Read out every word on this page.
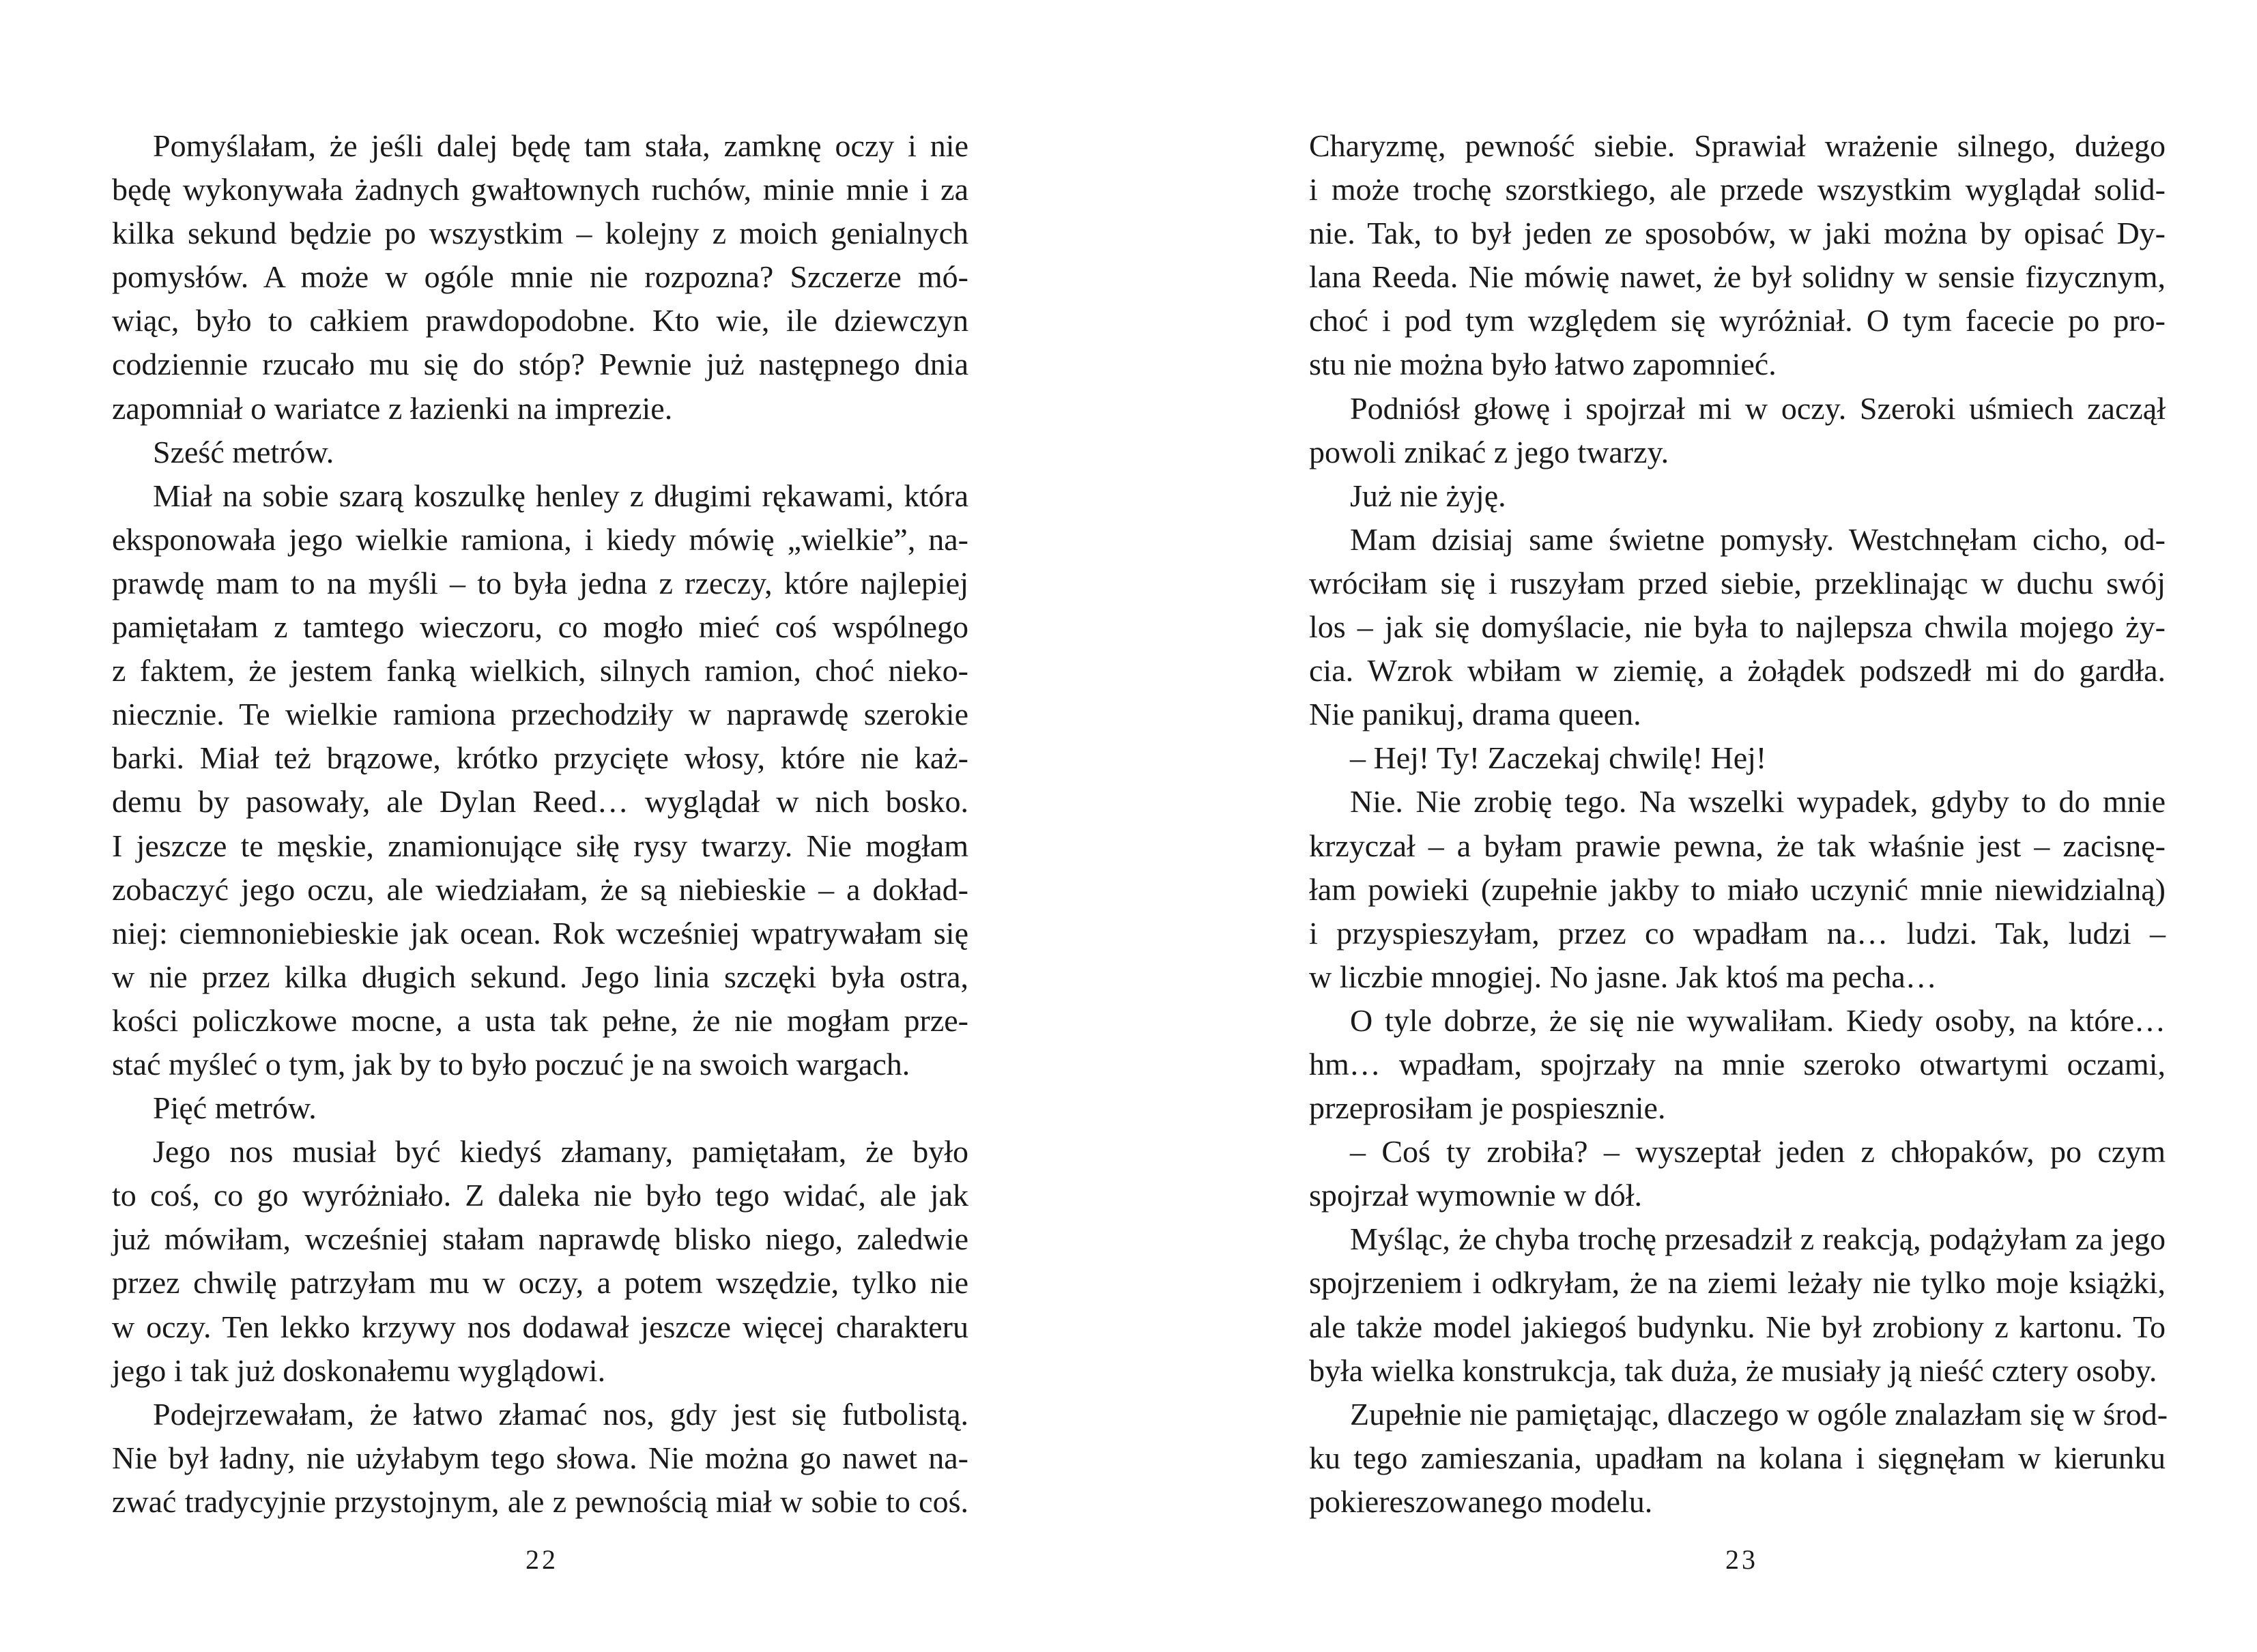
Pomyślałam, że jeśli dalej będę tam stała, zamknę oczy i nie
będę wykonywała żadnych gwałtownych ruchów, minie mnie i za
kilka sekund będzie po wszystkim – kolejny z moich genialnych
pomysłów. A może w ogóle mnie nie rozpozna? Szczerze mó-
wiąc, było to całkiem prawdopodobne. Kto wie, ile dziewczyn
codziennie rzucało mu się do stóp? Pewnie już następnego dnia
zapomniał o wariatce z łazienki na imprezie.
Sześć metrów.
Miał na sobie szarą koszulkę henley z długimi rękawami, która
eksponowała jego wielkie ramiona, i kiedy mówię „wielkie”, na-
prawdę mam to na myśli – to była jedna z rzeczy, które najlepiej
pamiętałam z tamtego wieczoru, co mogło mieć coś wspólnego
z faktem, że jestem fanką wielkich, silnych ramion, choć nieko-
niecznie. Te wielkie ramiona przechodziły w naprawdę szerokie
barki. Miał też brązowe, krótko przycięte włosy, które nie każ-
demu by pasowały, ale Dylan Reed… wyglądał w nich bosko.
I jeszcze te męskie, znamionujące siłę rysy twarzy. Nie mogłam
zobaczyć jego oczu, ale wiedziałam, że są niebieskie – a dokład-
niej: ciemnoniebieskie jak ocean. Rok wcześniej wpatrywałam się
w nie przez kilka długich sekund. Jego linia szczęki była ostra,
kości policzkowe mocne, a usta tak pełne, że nie mogłam prze-
stać myśleć o tym, jak by to było poczuć je na swoich wargach.
Pięć metrów.
Jego nos musiał być kiedyś złamany, pamiętałam, że było
to coś, co go wyróżniało. Z daleka nie było tego widać, ale jak
już mówiłam, wcześniej stałam naprawdę blisko niego, zaledwie
przez chwilę patrzyłam mu w oczy, a potem wszędzie, tylko nie
w oczy. Ten lekko krzywy nos dodawał jeszcze więcej charakteru
jego i tak już doskonałemu wyglądowi.
Podejrzewałam, że łatwo złamać nos, gdy jest się futbolistą.
Nie był ładny, nie użyłabym tego słowa. Nie można go nawet na-
zwać tradycyjnie przystojnym, ale z pewnością miał w sobie to coś.
22
Charyzmę, pewność siebie. Sprawiał wrażenie silnego, dużego
i może trochę szorstkiego, ale przede wszystkim wyglądał solid-
nie. Tak, to był jeden ze sposobów, w jaki można by opisać Dy-
lana Reeda. Nie mówię nawet, że był solidny w sensie fizycznym,
choć i pod tym względem się wyróżniał. O tym facecie po pro-
stu nie można było łatwo zapomnieć.
Podniósł głowę i spojrzał mi w oczy. Szeroki uśmiech zaczął
powoli znikać z jego twarzy.
Już nie żyję.
Mam dzisiaj same świetne pomysły. Westchnęłam cicho, od-
wróciłam się i ruszyłam przed siebie, przeklinając w duchu swój
los – jak się domyślacie, nie była to najlepsza chwila mojego ży-
cia. Wzrok wbiłam w ziemię, a żołądek podszedł mi do gardła.
Nie panikuj, drama queen.
– Hej! Ty! Zaczekaj chwilę! Hej!
Nie. Nie zrobię tego. Na wszelki wypadek, gdyby to do mnie
krzyczał – a byłam prawie pewna, że tak właśnie jest – zacisnę-
łam powieki (zupełnie jakby to miało uczynić mnie niewidzialną)
i przyspieszyłam, przez co wpadłam na… ludzi. Tak, ludzi –
w liczbie mnogiej. No jasne. Jak ktoś ma pecha…
O tyle dobrze, że się nie wywaliłam. Kiedy osoby, na które…
hm… wpadłam, spojrzały na mnie szeroko otwartymi oczami,
przeprosiłam je pospiesznie.
– Coś ty zrobiła? – wyszeptał jeden z chłopaków, po czym
spojrzał wymownie w dół.
Myśląc, że chyba trochę przesadził z reakcją, podążyłam za jego
spojrzeniem i odkryłam, że na ziemi leżały nie tylko moje książki,
ale także model jakiegoś budynku. Nie był zrobiony z kartonu. To
była wielka konstrukcja, tak duża, że musiały ją nieść cztery osoby.
Zupełnie nie pamiętając, dlaczego w ogóle znalazłam się w środ-
ku tego zamieszania, upadłam na kolana i sięgnęłam w kierunku
pokiereszowanego modelu.
23
